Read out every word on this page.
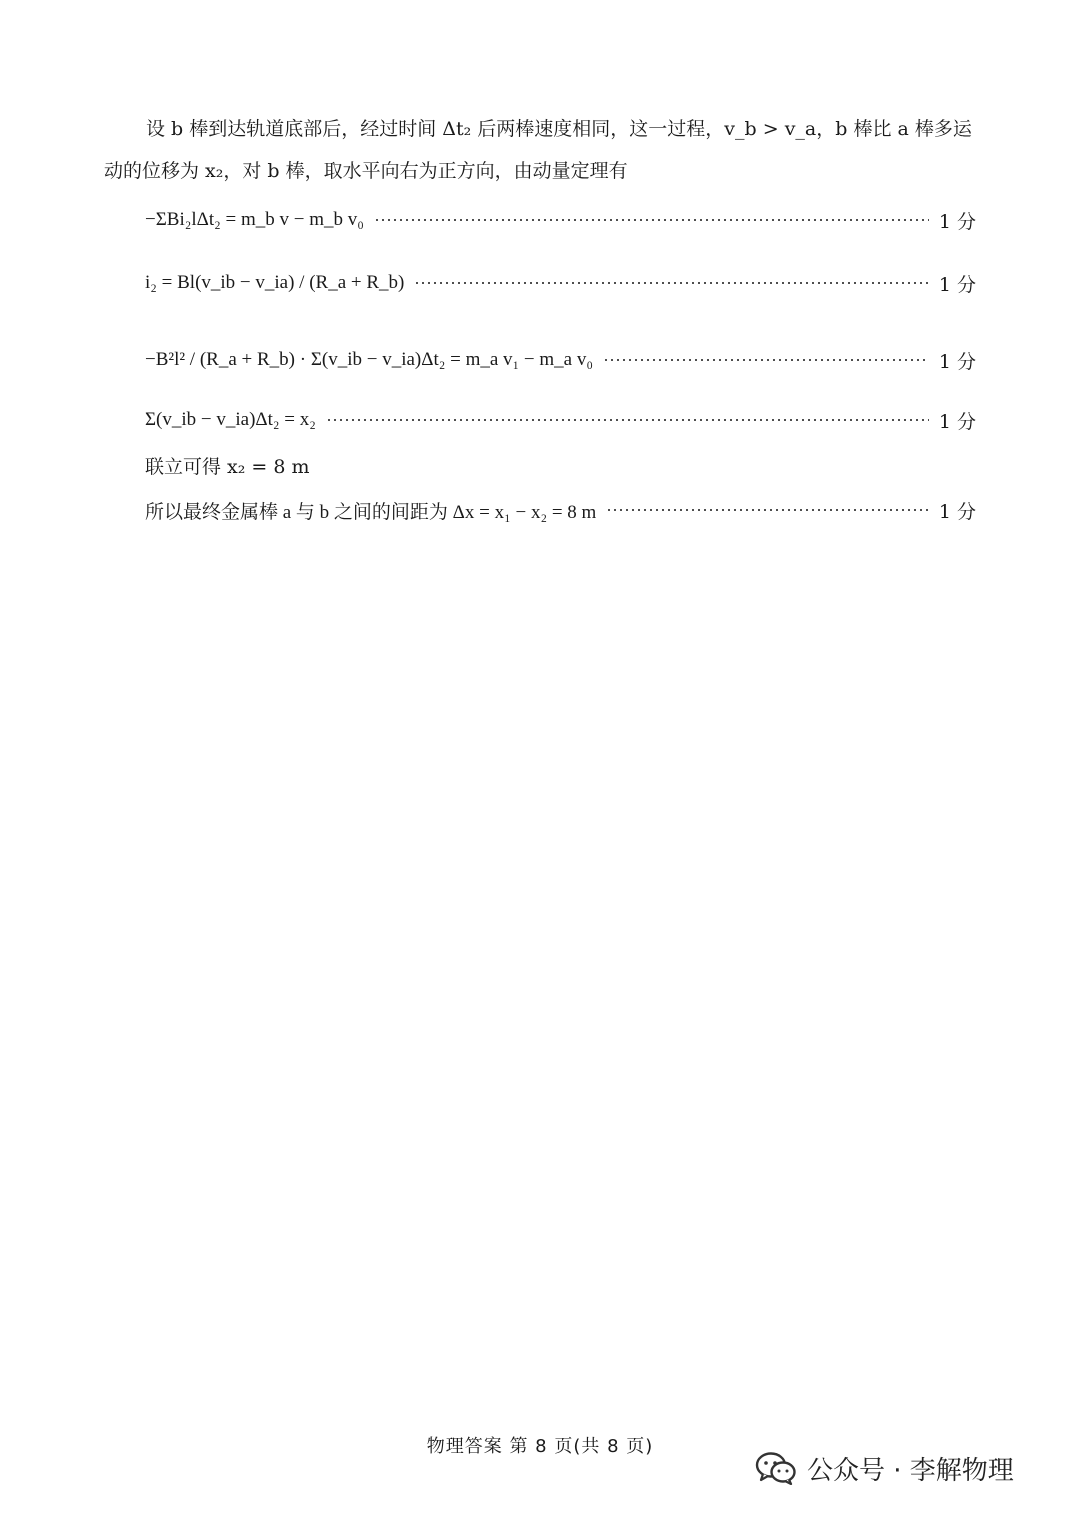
设 b 棒到达轨道底部后，经过时间 Δt₂ 后两棒速度相同，这一过程，v_b > v_a，b 棒比 a 棒多运动的位移为 x₂，对 b 棒，取水平向右为正方向，由动量定理有

−ΣBi₂lΔt₂ = m_b v − m_b v₀	1 分
i₂ = Bl(v_ib − v_ia) / (R_a + R_b)	1 分
−B²l² / (R_a + R_b) · Σ(v_ib − v_ia)Δt₂ = m_a v₁ − m_a v₀	1 分
Σ(v_ib − v_ia)Δt₂ = x₂	1 分
联立可得 x₂ = 8 m
所以最终金属棒 a 与 b 之间的间距为 Δx = x₁ − x₂ = 8 m	1 分
物理答案 第 8 页(共 8 页)
公众号 · 李解物理
